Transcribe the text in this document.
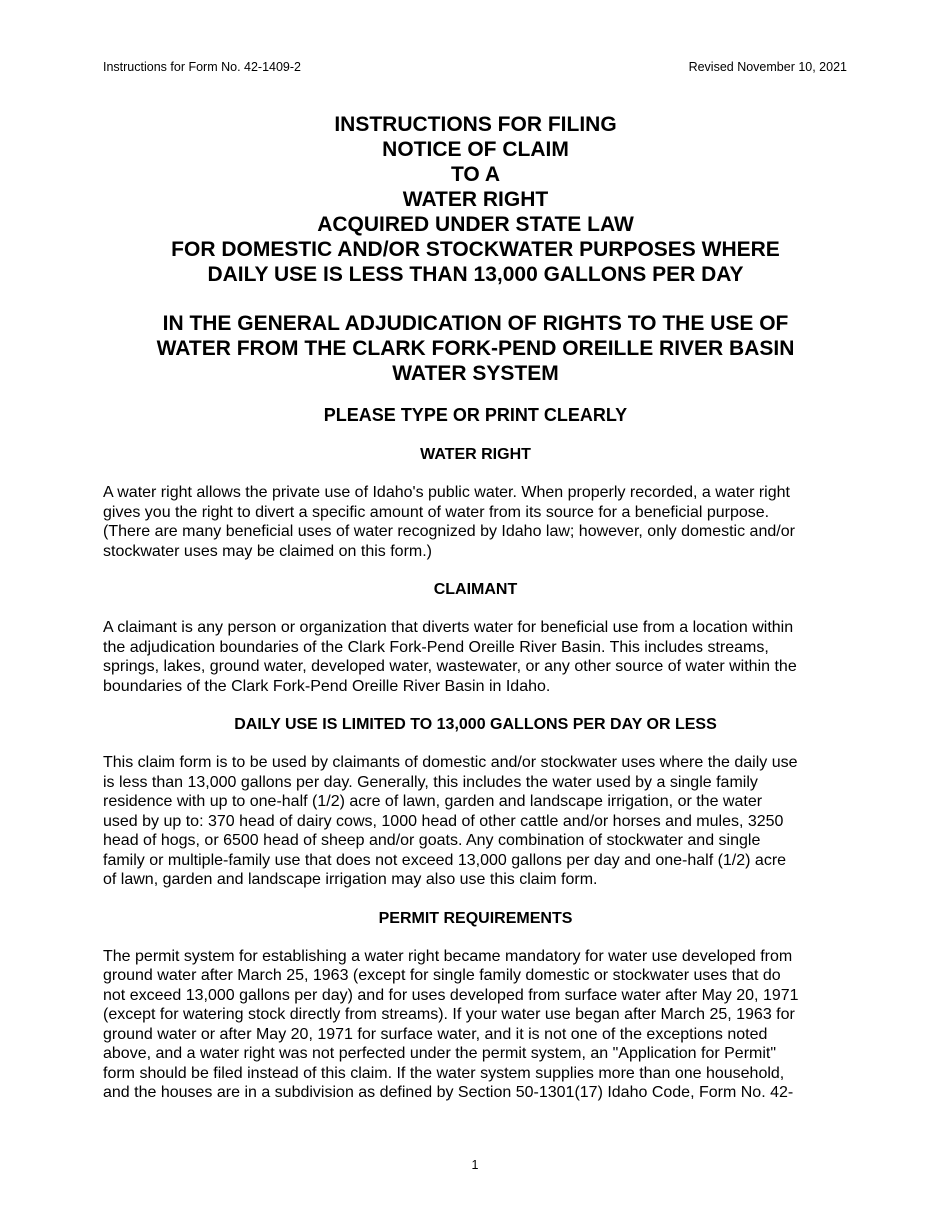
Instructions for Form No. 42-1409-2	Revised November 10, 2021
INSTRUCTIONS FOR FILING
NOTICE OF CLAIM
TO A
WATER RIGHT
ACQUIRED UNDER STATE LAW
FOR DOMESTIC AND/OR STOCKWATER PURPOSES WHERE
DAILY USE IS LESS THAN 13,000 GALLONS PER DAY
IN THE GENERAL ADJUDICATION OF RIGHTS TO THE USE OF
WATER FROM THE CLARK FORK-PEND OREILLE RIVER BASIN
WATER SYSTEM
PLEASE TYPE OR PRINT CLEARLY
WATER RIGHT
A water right allows the private use of Idaho's public water. When properly recorded, a water right
gives you the right to divert a specific amount of water from its source for a beneficial purpose.
(There are many beneficial uses of water recognized by Idaho law; however, only domestic and/or
stockwater uses may be claimed on this form.)
CLAIMANT
A claimant is any person or organization that diverts water for beneficial use from a location within
the adjudication boundaries of the Clark Fork-Pend Oreille River Basin. This includes streams,
springs, lakes, ground water, developed water, wastewater, or any other source of water within the
boundaries of the Clark Fork-Pend Oreille River Basin in Idaho.
DAILY USE IS LIMITED TO 13,000 GALLONS PER DAY OR LESS
This claim form is to be used by claimants of domestic and/or stockwater uses where the daily use
is less than 13,000 gallons per day. Generally, this includes the water used by a single family
residence with up to one-half (1/2) acre of lawn, garden and landscape irrigation, or the water
used by up to: 370 head of dairy cows, 1000 head of other cattle and/or horses and mules, 3250
head of hogs, or 6500 head of sheep and/or goats. Any combination of stockwater and single
family or multiple-family use that does not exceed 13,000 gallons per day and one-half (1/2) acre
of lawn, garden and landscape irrigation may also use this claim form.
PERMIT REQUIREMENTS
The permit system for establishing a water right became mandatory for water use developed from
ground water after March 25, 1963 (except for single family domestic or stockwater uses that do
not exceed 13,000 gallons per day) and for uses developed from surface water after May 20, 1971
(except for watering stock directly from streams). If your water use began after March 25, 1963 for
ground water or after May 20, 1971 for surface water, and it is not one of the exceptions noted
above, and a water right was not perfected under the permit system, an "Application for Permit"
form should be filed instead of this claim. If the water system supplies more than one household,
and the houses are in a subdivision as defined by Section 50-1301(17) Idaho Code, Form No. 42-
1
